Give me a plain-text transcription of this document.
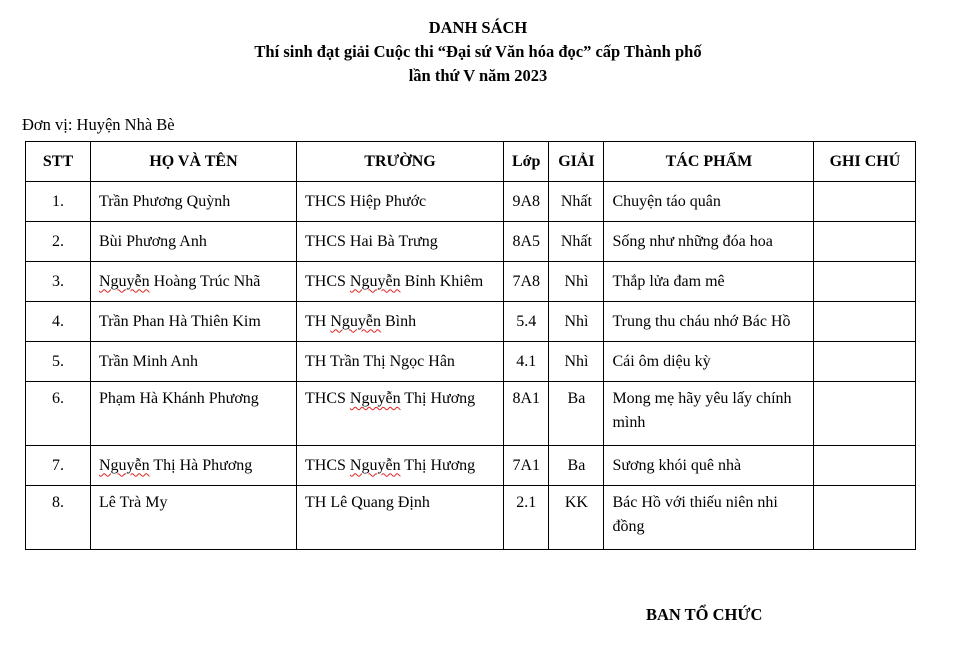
DANH SÁCH
Thí sinh đạt giải Cuộc thi “Đại sứ Văn hóa đọc” cấp Thành phố
lần thứ V năm 2023
Đơn vị: Huyện Nhà Bè
STT	HỌ VÀ TÊN	TRƯỜNG	Lớp	GIẢI	TÁC PHẨM	GHI CHÚ
1.	Trần Phương Quỳnh	THCS Hiệp Phước	9A8	Nhất	Chuyện táo quân	
2.	Bùi Phương Anh	THCS Hai Bà Trưng	8A5	Nhất	Sống như những đóa hoa	
3.	Nguyễn Hoàng Trúc Nhã	THCS Nguyễn Bỉnh Khiêm	7A8	Nhì	Thắp lửa đam mê	
4.	Trần Phan Hà Thiên Kim	TH Nguyễn Bình	5.4	Nhì	Trung thu cháu nhớ Bác Hồ	
5.	Trần Minh Anh	TH Trần Thị Ngọc Hân	4.1	Nhì	Cái ôm diệu kỳ	
6.	Phạm Hà Khánh Phương	THCS Nguyễn Thị Hương	8A1	Ba	Mong mẹ hãy yêu lấy chính mình	
7.	Nguyễn Thị Hà Phương	THCS Nguyễn Thị Hương	7A1	Ba	Sương khói quê nhà	
8.	Lê Trà My	TH Lê Quang Định	2.1	KK	Bác Hồ với thiếu niên nhi đồng	
BAN TỔ CHỨC
